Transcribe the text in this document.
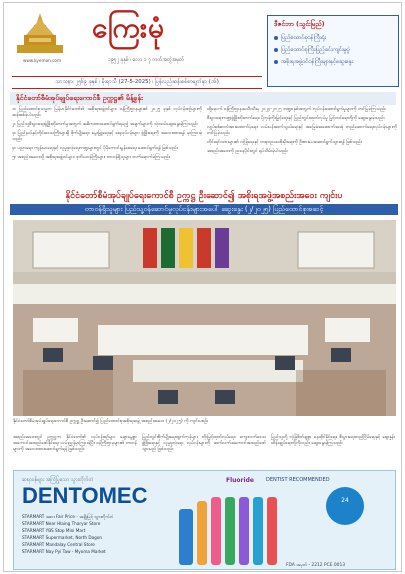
www.kyemon.com
ကြေးမုံ
၁၉၅၂ ခုနှစ် ၊ လော ၁ ၇ ကတ်အတွဲအမှတ်
သာသနာ၊ ၂၅၆၉ ခုနှစ် ၊ မိုးရာသီ (27-5-2025) ၊ ပြန်လည်ဆန်းစစ်စာမျက်နှာ (၁၆)
ဒီဇင်ဘာ (သွင်းမြည်)
ပြည်ထောင်စုဝန်ကြီးရုံး
ပြည်ထောင်စုကြီးပြည့်ခင်းကျင်းမှုပွဲ
အစိုးရအဖွဲ့ဝင်ဝန်ကြီးများနှင့်ဆွေးနွေး
နိုင်ငံတော်စီမံအုပ်ချုပ်ရေးကောင်စီ ဥက္ကဋ္ဌ၏ မိန့်ခွန်း

၁။ ပြည်ထောင်စုသမ္မတ မြန်မာနိုင်ငံတော်၏ အစိုးရအဖွဲ့ဝင်များ၊ ဝန်ကြီးဌာနများ၏ ၂၀၂၅ ခုနှစ် လုပ်ငန်းစဉ်များကို ဆန်းစစ်ခဲ့ပါသည်။

၂။ ပြည်သူ့စီးပွားရေးဖွံ့ဖြိုးတိုးတက်မှုအတွက် အဓိကထားဆောင်ရွက်ရမည့် အချက်များကို သုံးသပ်ဆွေးနွေးခဲ့ကြသည်။

၃။ ပြည်နယ်နှင့်တိုင်းဒေသကြီးများရှိ စိုက်ပျိုးရေး၊ မွေးမြူရေးနှင့် ရေလုပ်ငန်းများ ဖွံ့ဖြိုးရေးကို အလေးထားရန် မှာကြားခဲ့သည်။

၄။ ပညာရေး၊ ကျန်းမာရေးနှင့် လူမှုဖူလုံရေးကဏ္ဍများတွင် ပိုမိုကောင်းမွန်စေရေး ဆောင်ရွက်ရန် ဖြစ်သည်။

၅။ အစည်းအဝေးသို့ အစိုးရအဖွဲ့ဝင်များ၊ ဒုတိယဝန်ကြီးများ၊ တာဝန်ရှိသူများ တက်ရောက်ခဲ့ကြသည်။

ထို့နောက် ဝန်ကြီးဌာနအသီးသီးမှ ၂၀၂၄-၂၀၂၅ ဘဏ္ဍာနှစ်အတွက် လုပ်ငန်းဆောင်ရွက်မှုများကို တင်ပြခဲ့ကြသည်။

စီးပွားရေးကဏ္ဍဖွံ့ဖြိုးတိုးတက်ရေး၊ ပို့ကုန်တိုးမြှင့်ရေးနှင့် ပြည်တွင်းထုတ်လုပ်မှု မြှင့်တင်ရေးတို့ကို ဆွေးနွေးခဲ့သည်။

လျှပ်စစ်ဓာတ်အားထောက်ပံ့ရေး၊ လမ်းပန်းဆက်သွယ်ရေးနှင့် အခြေခံအဆောက်အအုံ တည်ဆောက်ရေးလုပ်ငန်းများကို တင်ပြခဲ့သည်။

တိုင်းရင်းသားများ၏ လုံခြုံရေးနှင့် တရားဥပဒေစိုးမိုးရေးကို ဦးစားပေးဆောင်ရွက်သွားရန် ဖြစ်သည်။

အစည်းအဝေးကို ညနေပိုင်းတွင် ရုပ်သိမ်းခဲ့ပါသည်။

နိုင်ငံတော်စီမံအုပ်ချုပ်ရေးကောင်စီ ဥက္ကဋ္ဌ ဦးဆောင်၍ အစိုးရအဖွဲ့အစည်းအဝေး ကျင်းပ
တာဝန်ရှိသူများ ပြည်သူ့ဝန်ဆောင်မှုလုပ်ငန်းများအပေါ် ဆွေးနွေး (၂/၂၀၂၅) ပြည်ထောင်စုအဆင့်
နိုင်ငံတော်စီမံအုပ်ချုပ်ရေးကောင်စီ ဥက္ကဋ္ဌ ဦးဆောင်၍ ပြည်ထောင်စုအစိုးရအဖွဲ့ အစည်းအဝေး (၂/၂၀၂၅) ကို ကျင်းပစဉ်။

အစည်းအဝေးတွင် ဥက္ကဋ္ဌက နိုင်ငံတော်၏ လုပ်ငန်းစဉ်များ ချောမွေ့စွာ အကောင်အထည်ဖော်နိုင်ရေး လမ်းညွှန်မှာကြားခဲ့ပြီး ဝန်ကြီးဌာနများ၏ တာဝန်များကို အလေးထားဆောင်ရွက်ရန် ဖြစ်သည်။

ပြည်တွင်းစိုက်ပျိုးရေးထွက်ကုန်များ တိုးမြှင့်ထုတ်လုပ်ရေး၊ ကျေးလက်ဒေသ ဖွံ့ဖြိုးရေးနှင့် လူမှုဖူလုံရေး လုပ်ငန်းများကို ဆက်လက်အကောင်အထည်ဖော်သွားမည် ဖြစ်သည်။

ပြည်သူတို့ လုံခြုံစိတ်ချစွာ နေထိုင်နိုင်ရေး၊ စီးပွားရေးတည်ငြိမ်ရေးနှင့် ဈေးနှုန်းထိန်းချုပ်ရေးတို့ကိုလည်း ဆွေးနွေးခဲ့ကြသည်။

ဆရာဝန်များ အကြံပြုသော သွားတိုက်တံ
DENTOMEC
STARMART အစား Fair Price - အချိုးမြင့် သွားတိုက်တံ
STARMART Near Hlaing Tharyar Store
STARMART YBS Stop Mini Mart
STARMART Supermarket, North Dagon
STARMART Mandalay Central Store
STARMART Nay Pyi Taw - Myoma Market
Fluoride DENTIST RECOMMENDED
24
FDA အမှတ် - 2212 PCE 0013
